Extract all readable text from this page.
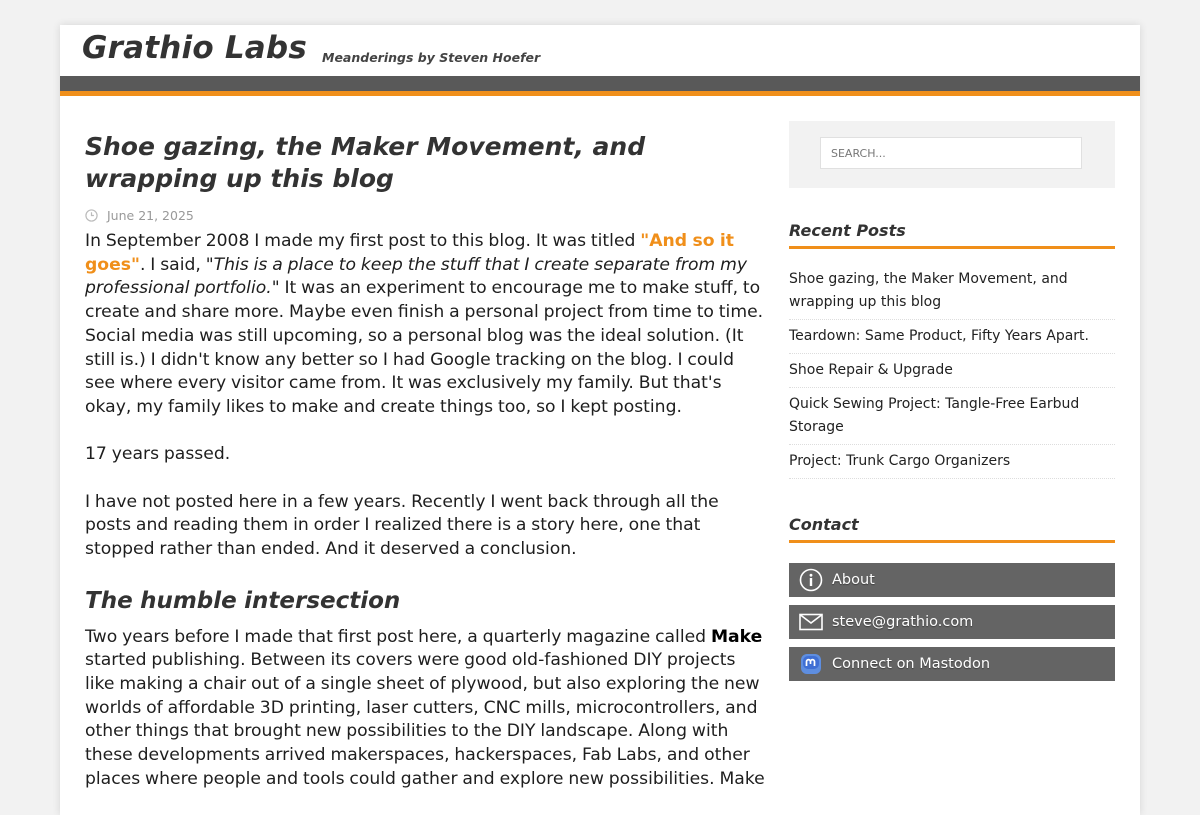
Grathio Labs Meanderings by Steven Hoefer
Shoe gazing, the Maker Movement, and wrapping up this blog
June 21, 2025

In September 2008 I made my first post to this blog. It was titled "And so it goes". I said, "This is a place to keep the stuff that I create separate from my professional portfolio." It was an experiment to encourage me to make stuff, to create and share more. Maybe even finish a personal project from time to time. Social media was still upcoming, so a personal blog was the ideal solution. (It still is.) I didn't know any better so I had Google tracking on the blog. I could see where every visitor came from. It was exclusively my family. But that's okay, my family likes to make and create things too, so I kept posting.

17 years passed.

I have not posted here in a few years. Recently I went back through all the posts and reading them in order I realized there is a story here, one that stopped rather than ended. And it deserved a conclusion.

The humble intersection

Two years before I made that first post here, a quarterly magazine called Make started publishing. Between its covers were good old-fashioned DIY projects like making a chair out of a single sheet of plywood, but also exploring the new worlds of affordable 3D printing, laser cutters, CNC mills, microcontrollers, and other things that brought new possibilities to the DIY landscape. Along with these developments arrived makerspaces, hackerspaces, Fab Labs, and other places where people and tools could gather and explore new possibilities. Make

SEARCH...
Recent Posts
Shoe gazing, the Maker Movement, and wrapping up this blog
Teardown: Same Product, Fifty Years Apart.
Shoe Repair & Upgrade
Quick Sewing Project: Tangle-Free Earbud Storage
Project: Trunk Cargo Organizers
Contact
About
steve@grathio.com
Connect on Mastodon
